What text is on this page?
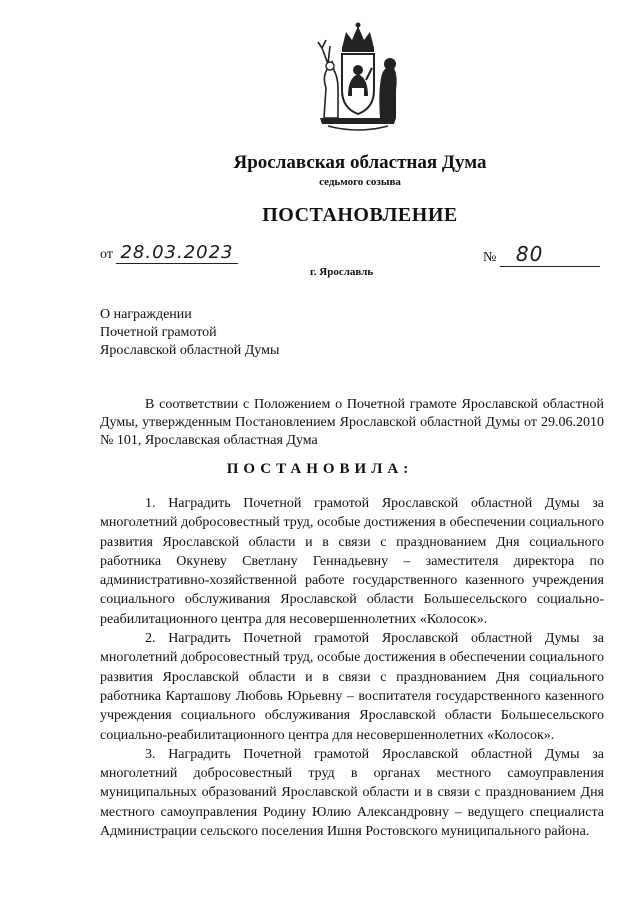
Ярославская областная Дума
седьмого созыва
ПОСТАНОВЛЕНИЕ
от 28.03.2023	№ 80
г. Ярославль
О награждении
Почетной грамотой
Ярославской областной Думы
В соответствии с Положением о Почетной грамоте Ярославской областной Думы, утвержденным Постановлением Ярославской областной Думы от 29.06.2010 № 101, Ярославская областная Дума
ПОСТАНОВИЛА:

1. Наградить Почетной грамотой Ярославской областной Думы за многолетний добросовестный труд, особые достижения в обеспечении социального развития Ярославской области и в связи с празднованием Дня социального работника Окуневу Светлану Геннадьевну – заместителя директора по административно-хозяйственной работе государственного казенного учреждения социального обслуживания Ярославской области Большесельского социально-реабилитационного центра для несовершеннолетних «Колосок».

2. Наградить Почетной грамотой Ярославской областной Думы за многолетний добросовестный труд, особые достижения в обеспечении социального развития Ярославской области и в связи с празднованием Дня социального работника Карташову Любовь Юрьевну – воспитателя государственного казенного учреждения социального обслуживания Ярославской области Большесельского социально-реабилитационного центра для несовершеннолетних «Колосок».

3. Наградить Почетной грамотой Ярославской областной Думы за многолетний добросовестный труд в органах местного самоуправления муниципальных образований Ярославской области и в связи с празднованием Дня местного самоуправления Родину Юлию Александровну – ведущего специалиста Администрации сельского поселения Ишня Ростовского муниципального района.
